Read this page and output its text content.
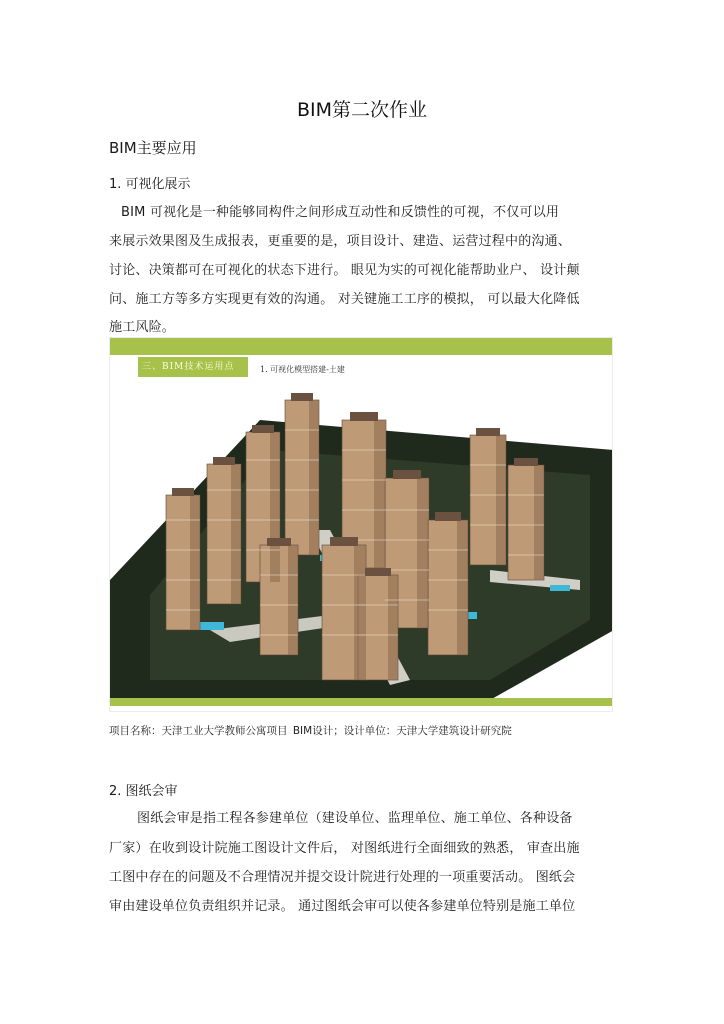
BIM第二次作业
BIM主要应用
1. 可视化展示
BIM 可视化是一种能够同构件之间形成互动性和反馈性的可视，不仅可以用
来展示效果图及生成报表，更重要的是，项目设计、建造、运营过程中的沟通、
讨论、决策都可在可视化的状态下进行。 眼见为实的可视化能帮助业户、 设计颠
问、施工方等多方实现更有效的沟通。 对关键施工工序的模拟， 可以最大化降低
施工风险。
三、BIM技术运用点	1. 可视化模型搭建-土建
项目名称：天津工业大学教师公寓项目 BIM设计；设计单位：天津大学建筑设计研究院
2. 图纸会审
图纸会审是指工程各参建单位（建设单位、监理单位、施工单位、各种设备
厂家）在收到设计院施工图设计文件后， 对图纸进行全面细致的熟悉， 审查出施
工图中存在的问题及不合理情况并提交设计院进行处理的一项重要活动。 图纸会
审由建设单位负责组织并记录。 通过图纸会审可以使各参建单位特别是施工单位
